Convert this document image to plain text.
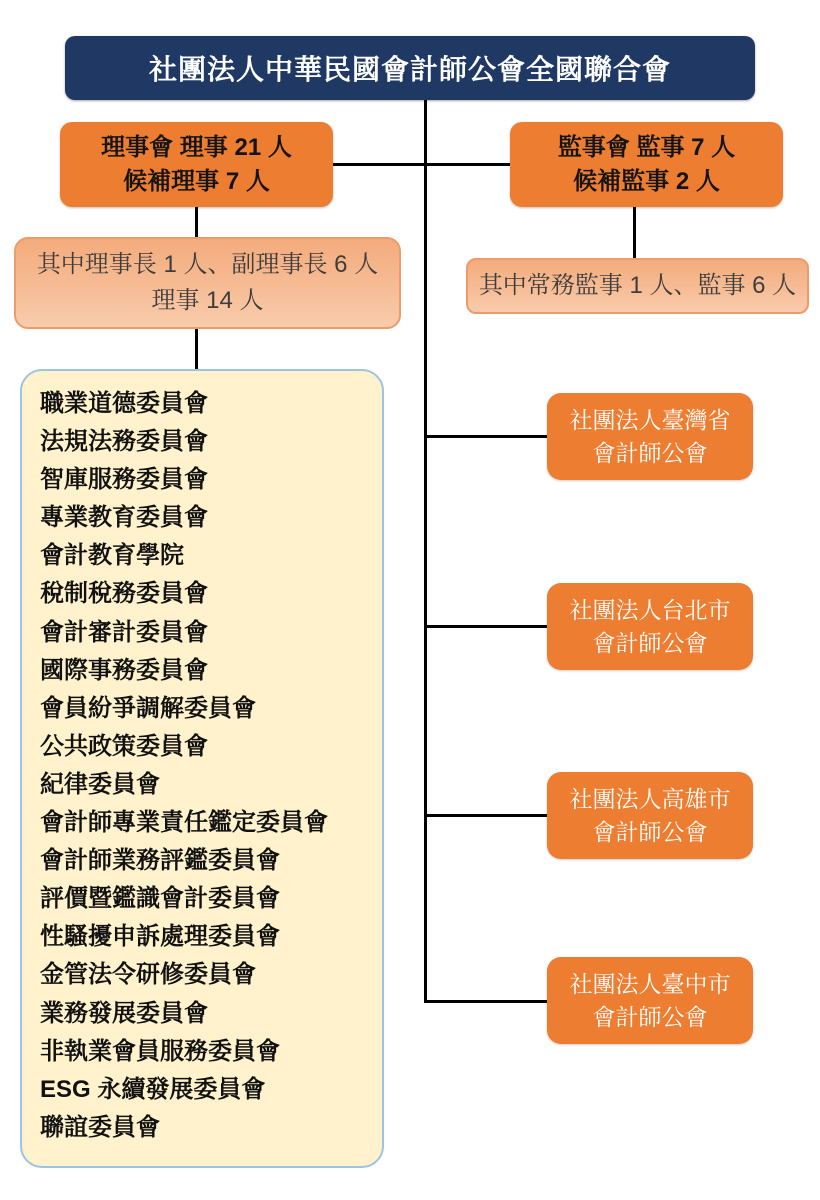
社團法人中華民國會計師公會全國聯合會
理事會 理事 21 人
候補理事 7 人
監事會 監事 7 人
候補監事 2 人
其中理事長 1 人、副理事長 6 人
理事 14 人
其中常務監事 1 人、監事 6 人
職業道德委員會
法規法務委員會
智庫服務委員會
專業教育委員會
會計教育學院
稅制稅務委員會
會計審計委員會
國際事務委員會
會員紛爭調解委員會
公共政策委員會
紀律委員會
會計師專業責任鑑定委員會
會計師業務評鑑委員會
評價暨鑑識會計委員會
性騷擾申訴處理委員會
金管法令研修委員會
業務發展委員會
非執業會員服務委員會
ESG 永續發展委員會
聯誼委員會
社團法人臺灣省
會計師公會
社團法人台北市
會計師公會
社團法人高雄市
會計師公會
社團法人臺中市
會計師公會
